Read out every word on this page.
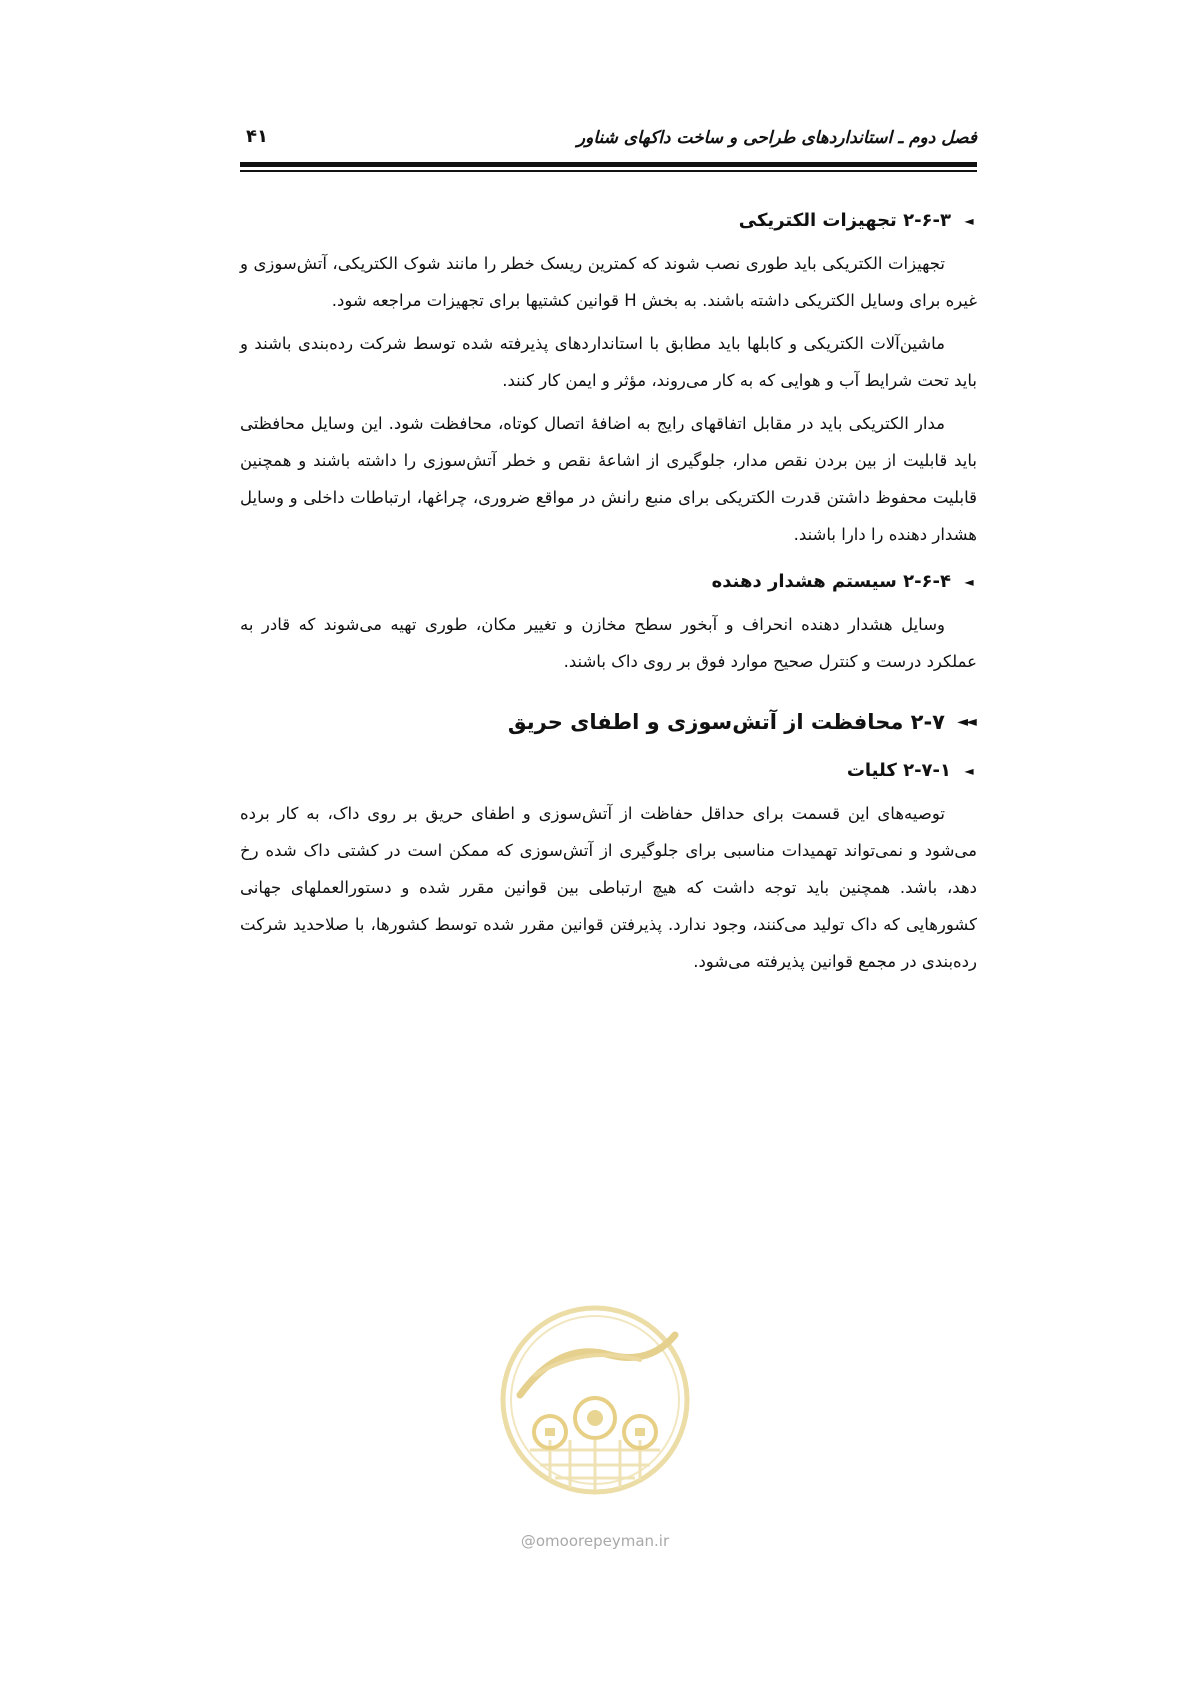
فصل دوم ـ استانداردهای طراحی و ساخت داکهای شناور
۴۱
◄
۲-۶-۳ تجهیزات الکتریکی

تجهیزات الکتریکی باید طوری نصب شوند که کمترین ریسک خطر را مانند شوک الکتریکی، آتش‌سوزی و غیره برای وسایل الکتریکی داشته باشند. به بخش H قوانین کشتیها برای تجهیزات مراجعه شود.

ماشین‌آلات الکتریکی و کابلها باید مطابق با استانداردهای پذیرفته شده توسط شرکت رده‌بندی باشند و باید تحت شرایط آب و هوایی که به کار می‌روند، مؤثر و ایمن کار کنند.

مدار الکتریکی باید در مقابل اتفاقهای رایج به اضافهٔ اتصال کوتاه، محافظت شود. این وسایل محافظتی باید قابلیت از بین بردن نقص مدار، جلوگیری از اشاعهٔ نقص و خطر آتش‌سوزی را داشته باشند و همچنین قابلیت محفوظ داشتن قدرت الکتریکی برای منبع رانش در مواقع ضروری، چراغها، ارتباطات داخلی و وسایل هشدار دهنده را دارا باشند.

◄
۲-۶-۴ سیستم هشدار دهنده

وسایل هشدار دهنده انحراف و آبخور سطح مخازن و تغییر مکان، طوری تهیه می‌شوند که قادر به عملکرد درست و کنترل صحیح موارد فوق بر روی داک باشند.

◄◄
۲-۷ محافظت از آتش‌سوزی و اطفای حریق
◄
۲-۷-۱ کلیات

توصیه‌های این قسمت برای حداقل حفاظت از آتش‌سوزی و اطفای حریق بر روی داک، به کار برده می‌شود و نمی‌تواند تهمیدات مناسبی برای جلوگیری از آتش‌سوزی که ممکن است در کشتی داک شده رخ دهد، باشد. همچنین باید توجه داشت که هیچ ارتباطی بین قوانین مقرر شده و دستورالعملهای جهانی کشورهایی که داک تولید می‌کنند، وجود ندارد. پذیرفتن قوانین مقرر شده توسط کشورها، با صلاحدید شرکت رده‌بندی در مجمع قوانین پذیرفته می‌شود.

@omoorepeyman.ir
